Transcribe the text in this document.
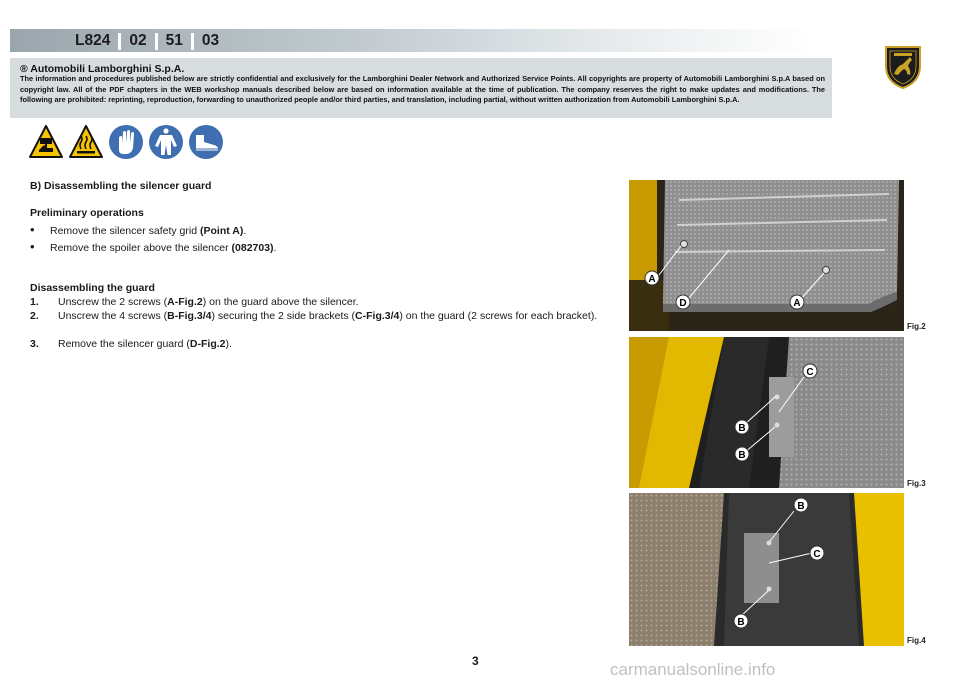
L824	02	51	03
® Automobili Lamborghini S.p.A.
The information and procedures published below are strictly confidential and exclusively for the Lamborghini Dealer Network and Authorized Service Points. All copyrights are property of Automobili Lamborghini S.p.A based on copyright law. All of the PDF chapters in the WEB workshop manuals described below are based on information available at the time of publication. The company reserves the right to make updates and modifications. The following are prohibited: reprinting, reproduction, forwarding to unauthorized people and/or third parties, and translation, including partial, without written authorization from Automobili Lamborghini S.p.A.
B) Disassembling the silencer guard
Preliminary operations
• Remove the silencer safety grid (Point A).
• Remove the spoiler above the silencer (082703).
Disassembling the guard
1. Unscrew the 2 screws (A-Fig.2) on the guard above the silencer.
2. Unscrew the 4 screws (B-Fig.3/4) securing the 2 side brackets (C-Fig.3/4) on the guard (2 screws for each bracket).
3. Remove the silencer guard (D-Fig.2).
A
D	A
Fig.2
C
B
B
Fig.3
B
C
B
Fig.4
3	carmanualsonline.info
